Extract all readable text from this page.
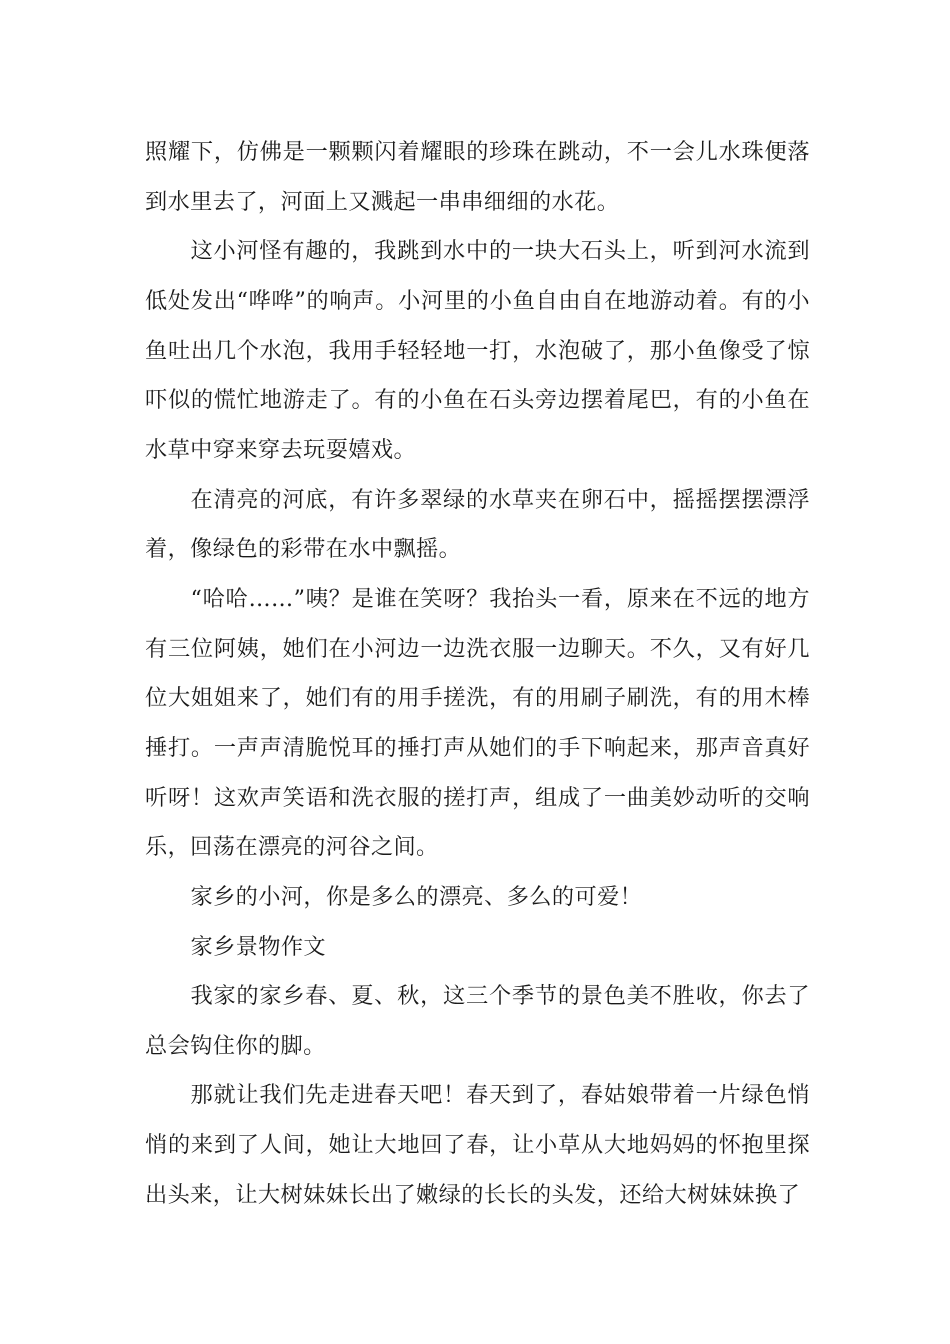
照耀下，仿佛是一颗颗闪着耀眼的珍珠在跳动，不一会儿水珠便落到水里去了，河面上又溅起一串串细细的水花。

这小河怪有趣的，我跳到水中的一块大石头上，听到河水流到低处发出“哗哗”的响声。小河里的小鱼自由自在地游动着。有的小鱼吐出几个水泡，我用手轻轻地一打，水泡破了，那小鱼像受了惊吓似的慌忙地游走了。有的小鱼在石头旁边摆着尾巴，有的小鱼在水草中穿来穿去玩耍嬉戏。

在清亮的河底，有许多翠绿的水草夹在卵石中，摇摇摆摆漂浮着，像绿色的彩带在水中飘摇。

“哈哈……”咦？是谁在笑呀？我抬头一看，原来在不远的地方有三位阿姨，她们在小河边一边洗衣服一边聊天。不久，又有好几位大姐姐来了，她们有的用手搓洗，有的用刷子刷洗，有的用木棒捶打。一声声清脆悦耳的捶打声从她们的手下响起来，那声音真好听呀！这欢声笑语和洗衣服的搓打声，组成了一曲美妙动听的交响乐，回荡在漂亮的河谷之间。

家乡的小河，你是多么的漂亮、多么的可爱！

家乡景物作文

我家的家乡春、夏、秋，这三个季节的景色美不胜收，你去了总会钩住你的脚。

那就让我们先走进春天吧！春天到了，春姑娘带着一片绿色悄悄的来到了人间，她让大地回了春，让小草从大地妈妈的怀抱里探出头来，让大树妹妹长出了嫩绿的长长的头发，还给大树妹妹换了
